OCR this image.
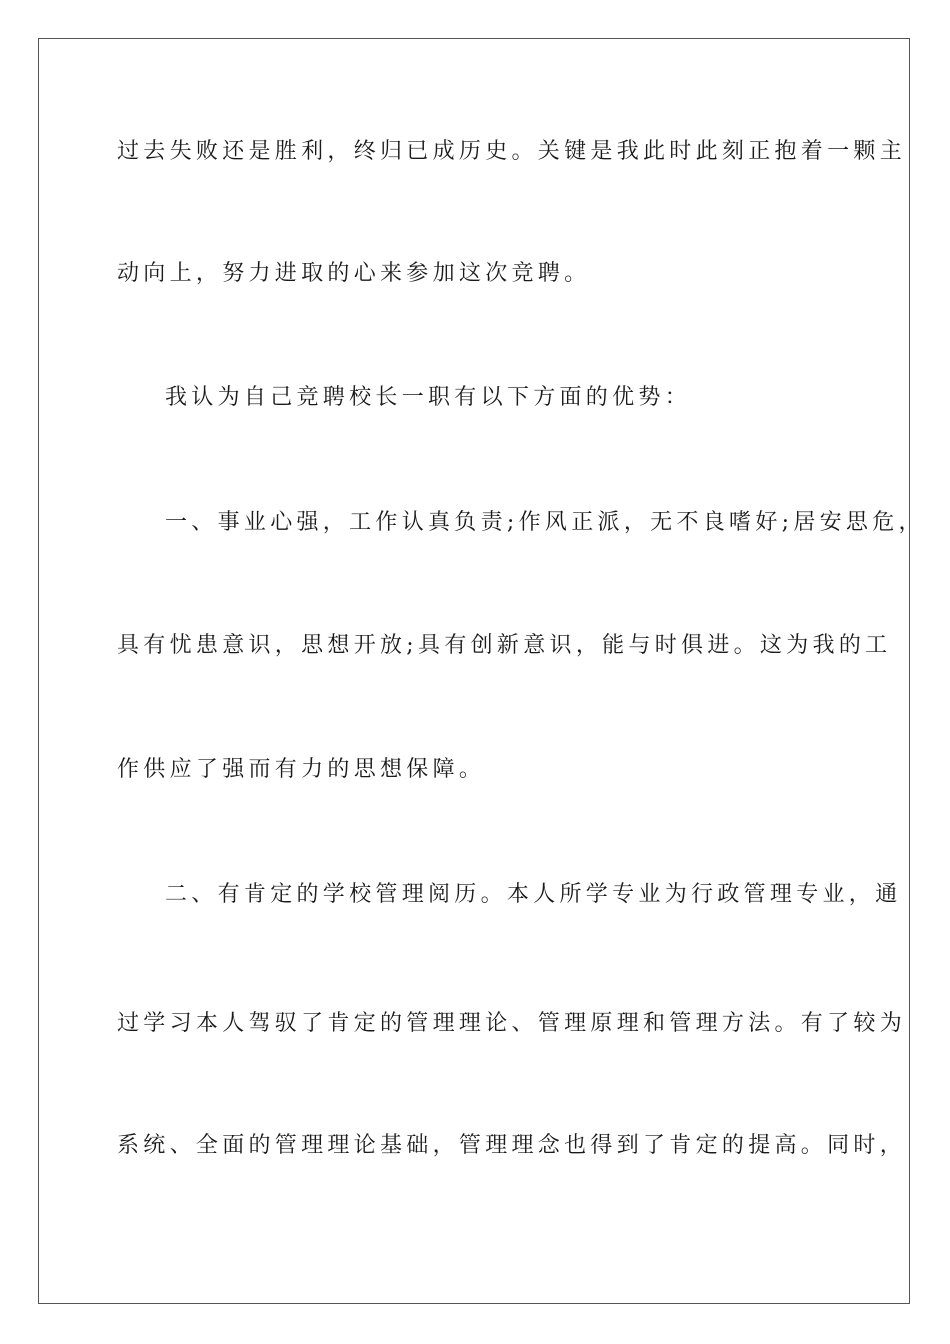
过去失败还是胜利，终归已成历史。关键是我此时此刻正抱着一颗主
动向上，努力进取的心来参加这次竞聘。
我认为自己竞聘校长一职有以下方面的优势：
一、事业心强，工作认真负责;作风正派，无不良嗜好;居安思危，
具有忧患意识，思想开放;具有创新意识，能与时俱进。这为我的工
作供应了强而有力的思想保障。
二、有肯定的学校管理阅历。本人所学专业为行政管理专业，通
过学习本人驾驭了肯定的管理理论、管理原理和管理方法。有了较为
系统、全面的管理理论基础，管理理念也得到了肯定的提高。同时，
